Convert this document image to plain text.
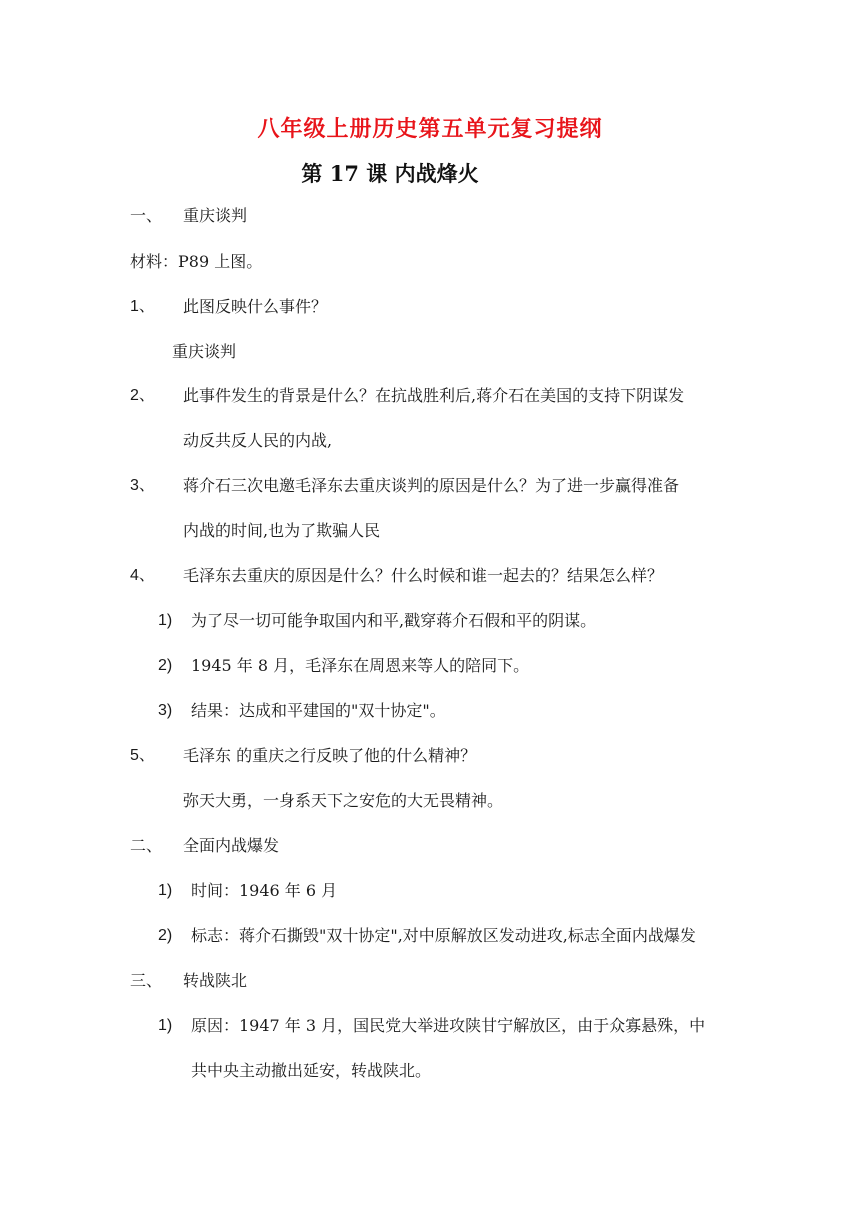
八年级上册历史第五单元复习提纲
第 17 课 内战烽火
一、 重庆谈判
材料：P89 上图。
1、 此图反映什么事件？
重庆谈判
2、 此事件发生的背景是什么？在抗战胜利后,蒋介石在美国的支持下阴谋发
动反共反人民的内战,
3、 蒋介石三次电邀毛泽东去重庆谈判的原因是什么？为了进一步赢得准备
内战的时间,也为了欺骗人民
4、 毛泽东去重庆的原因是什么？什么时候和谁一起去的？结果怎么样？
1) 为了尽一切可能争取国内和平,戳穿蒋介石假和平的阴谋。
2) 1945 年 8 月，毛泽东在周恩来等人的陪同下。
3) 结果：达成和平建国的"双十协定"。
5、 毛泽东 的重庆之行反映了他的什么精神？
弥天大勇，一身系天下之安危的大无畏精神。
二、 全面内战爆发
1) 时间：1946 年 6 月
2) 标志：蒋介石撕毁"双十协定",对中原解放区发动进攻,标志全面内战爆发
三、 转战陕北
1) 原因：1947 年 3 月，国民党大举进攻陕甘宁解放区，由于众寡悬殊，中
共中央主动撤出延安，转战陕北。
